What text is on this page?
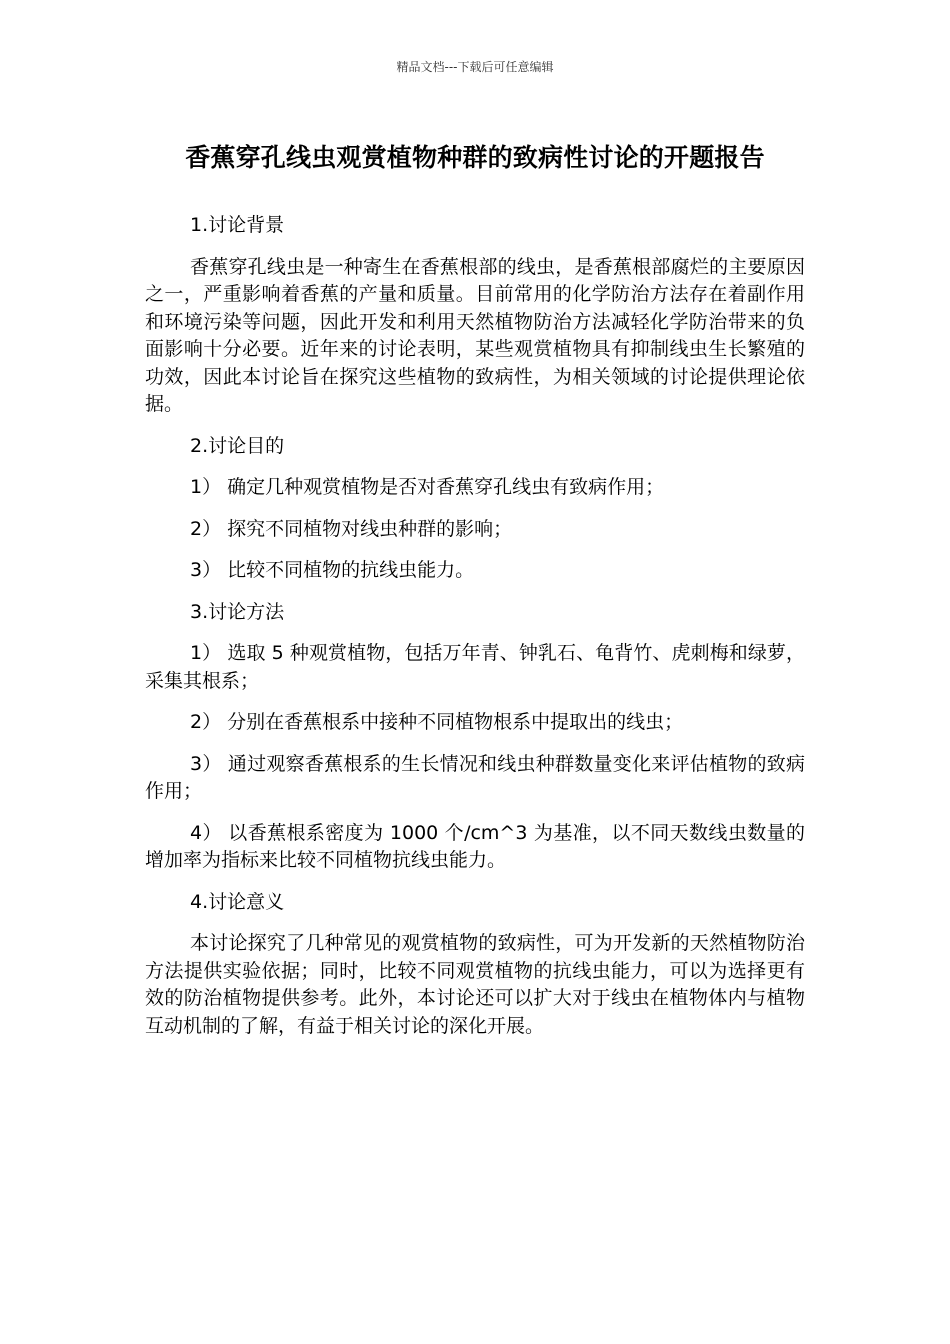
精品文档---下载后可任意编辑
香蕉穿孔线虫观赏植物种群的致病性讨论的开题报告

1.讨论背景

香蕉穿孔线虫是一种寄生在香蕉根部的线虫，是香蕉根部腐烂的主要原因之一，严重影响着香蕉的产量和质量。目前常用的化学防治方法存在着副作用和环境污染等问题，因此开发和利用天然植物防治方法减轻化学防治带来的负面影响十分必要。近年来的讨论表明，某些观赏植物具有抑制线虫生长繁殖的功效，因此本讨论旨在探究这些植物的致病性，为相关领域的讨论提供理论依据。

2.讨论目的

1） 确定几种观赏植物是否对香蕉穿孔线虫有致病作用；

2） 探究不同植物对线虫种群的影响；

3） 比较不同植物的抗线虫能力。

3.讨论方法

1） 选取 5 种观赏植物，包括万年青、钟乳石、龟背竹、虎刺梅和绿萝，采集其根系；

2） 分别在香蕉根系中接种不同植物根系中提取出的线虫；

3） 通过观察香蕉根系的生长情况和线虫种群数量变化来评估植物的致病作用；

4） 以香蕉根系密度为 1000 个/cm^3 为基准，以不同天数线虫数量的增加率为指标来比较不同植物抗线虫能力。

4.讨论意义

本讨论探究了几种常见的观赏植物的致病性，可为开发新的天然植物防治方法提供实验依据；同时，比较不同观赏植物的抗线虫能力，可以为选择更有效的防治植物提供参考。此外，本讨论还可以扩大对于线虫在植物体内与植物互动机制的了解，有益于相关讨论的深化开展。
